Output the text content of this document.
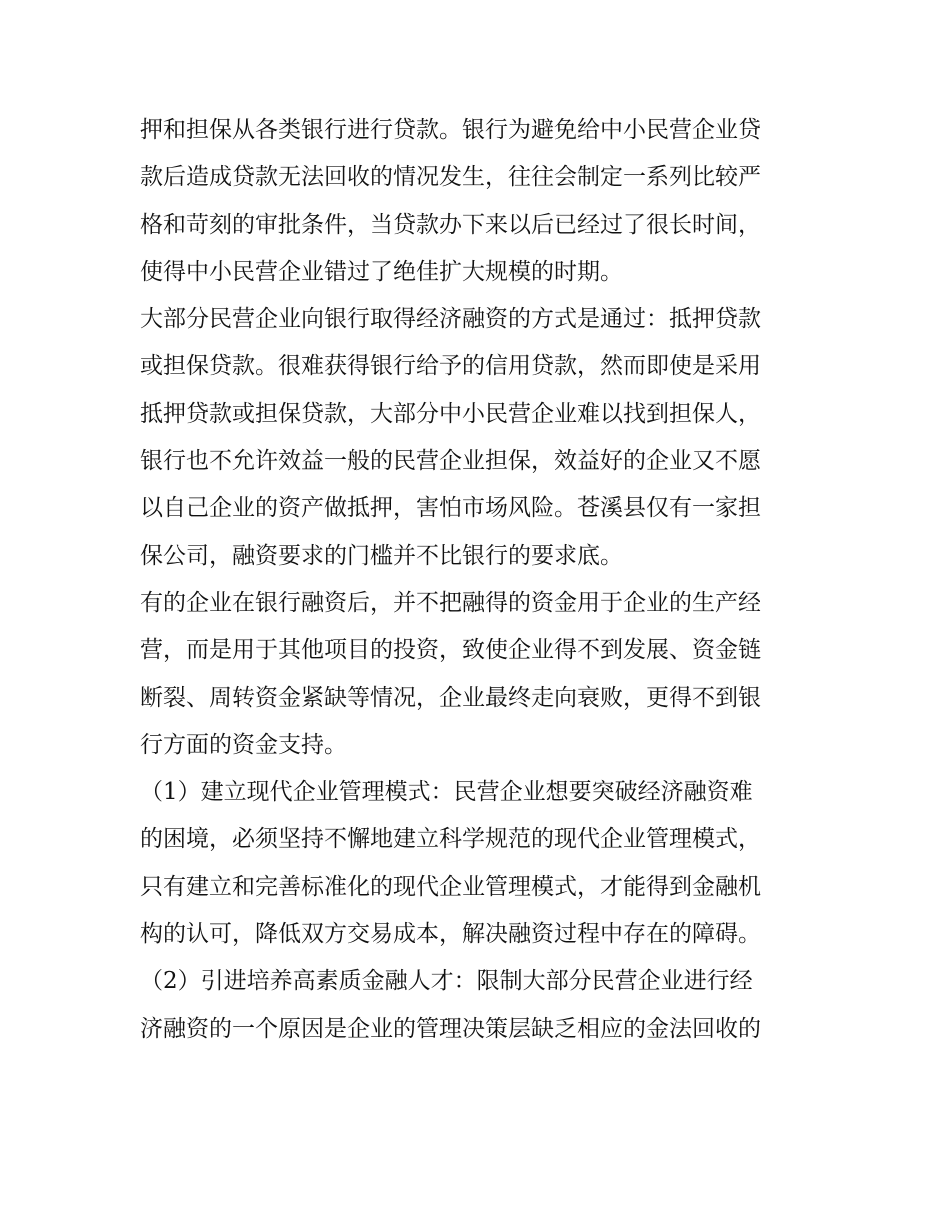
押和担保从各类银行进行贷款。银行为避免给中小民营企业贷
款后造成贷款无法回收的情况发生，往往会制定一系列比较严
格和苛刻的审批条件，当贷款办下来以后已经过了很长时间，
使得中小民营企业错过了绝佳扩大规模的时期。
大部分民营企业向银行取得经济融资的方式是通过：抵押贷款
或担保贷款。很难获得银行给予的信用贷款，然而即使是采用
抵押贷款或担保贷款，大部分中小民营企业难以找到担保人，
银行也不允许效益一般的民营企业担保，效益好的企业又不愿
以自己企业的资产做抵押，害怕市场风险。苍溪县仅有一家担
保公司，融资要求的门槛并不比银行的要求底。
有的企业在银行融资后，并不把融得的资金用于企业的生产经
营，而是用于其他项目的投资，致使企业得不到发展、资金链
断裂、周转资金紧缺等情况，企业最终走向衰败，更得不到银
行方面的资金支持。
（1）建立现代企业管理模式：民营企业想要突破经济融资难
的困境，必须坚持不懈地建立科学规范的现代企业管理模式，
只有建立和完善标准化的现代企业管理模式，才能得到金融机
构的认可，降低双方交易成本，解决融资过程中存在的障碍。
（2）引进培养高素质金融人才：限制大部分民营企业进行经
济融资的一个原因是企业的管理决策层缺乏相应的金法回收的
